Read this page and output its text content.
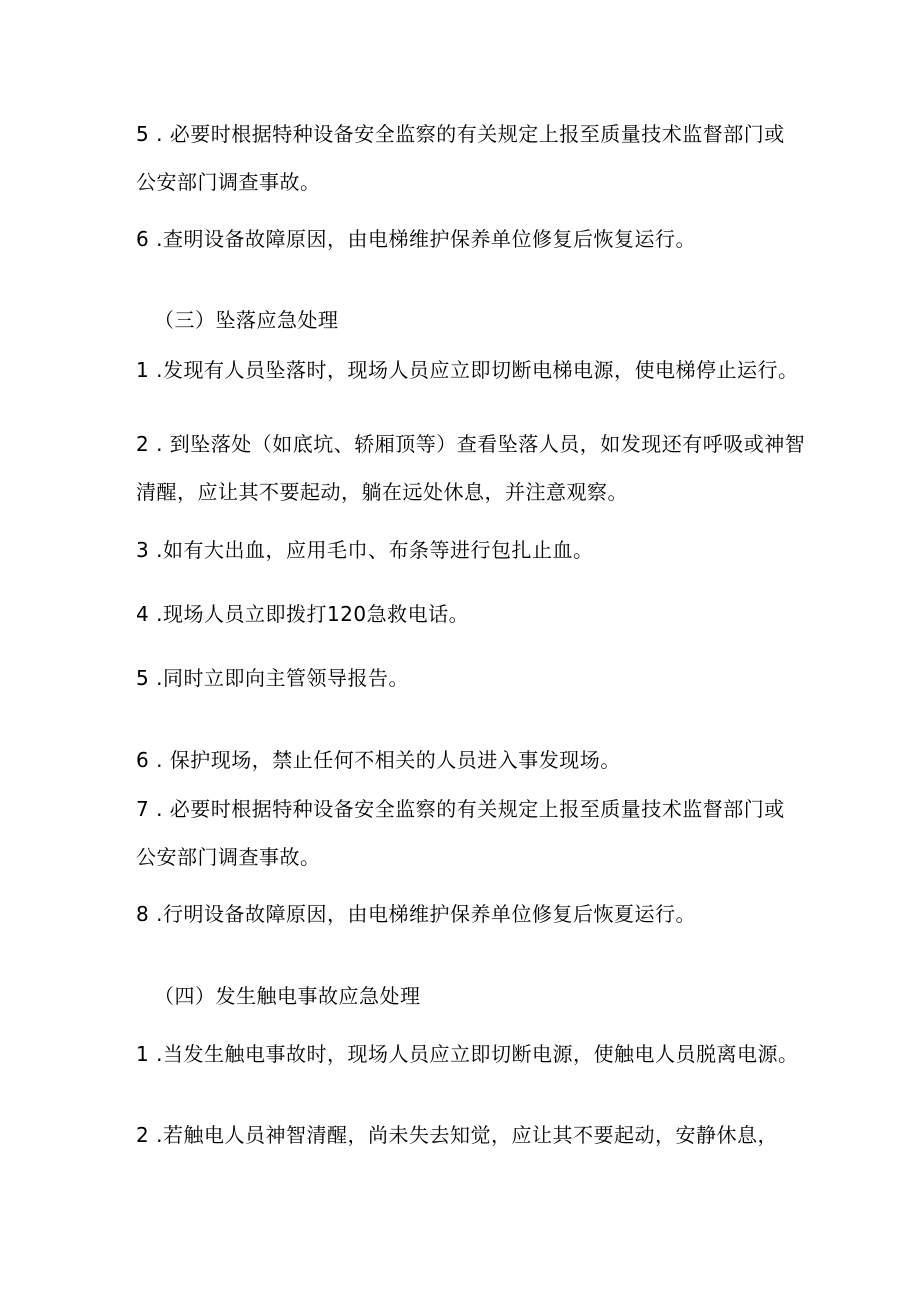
5 . 必要时根据特种设备安全监察的有关规定上报至质量技术监督部门或
公安部门调查事故。
6 .查明设备故障原因，由电梯维护保养单位修复后恢复运行。
（三）坠落应急处理
1 .发现有人员坠落时，现场人员应立即切断电梯电源，使电梯停止运行。
2 . 到坠落处（如底坑、轿厢顶等）查看坠落人员，如发现还有呼吸或神智
清醒，应让其不要起动，躺在远处休息，并注意观察。
3 .如有大出血，应用毛巾、布条等进行包扎止血。
4 .现场人员立即拨打120急救电话。
5 .同时立即向主管领导报告。
6 . 保护现场，禁止任何不相关的人员进入事发现场。
7 . 必要时根据特种设备安全监察的有关规定上报至质量技术监督部门或
公安部门调查事故。
8 .行明设备故障原因，由电梯维护保养单位修复后恢夏运行。
（四）发生触电事故应急处理
1 .当发生触电事故时，现场人员应立即切断电源，使触电人员脱离电源。
2 .若触电人员神智清醒，尚未失去知觉，应让其不要起动，安静休息，
